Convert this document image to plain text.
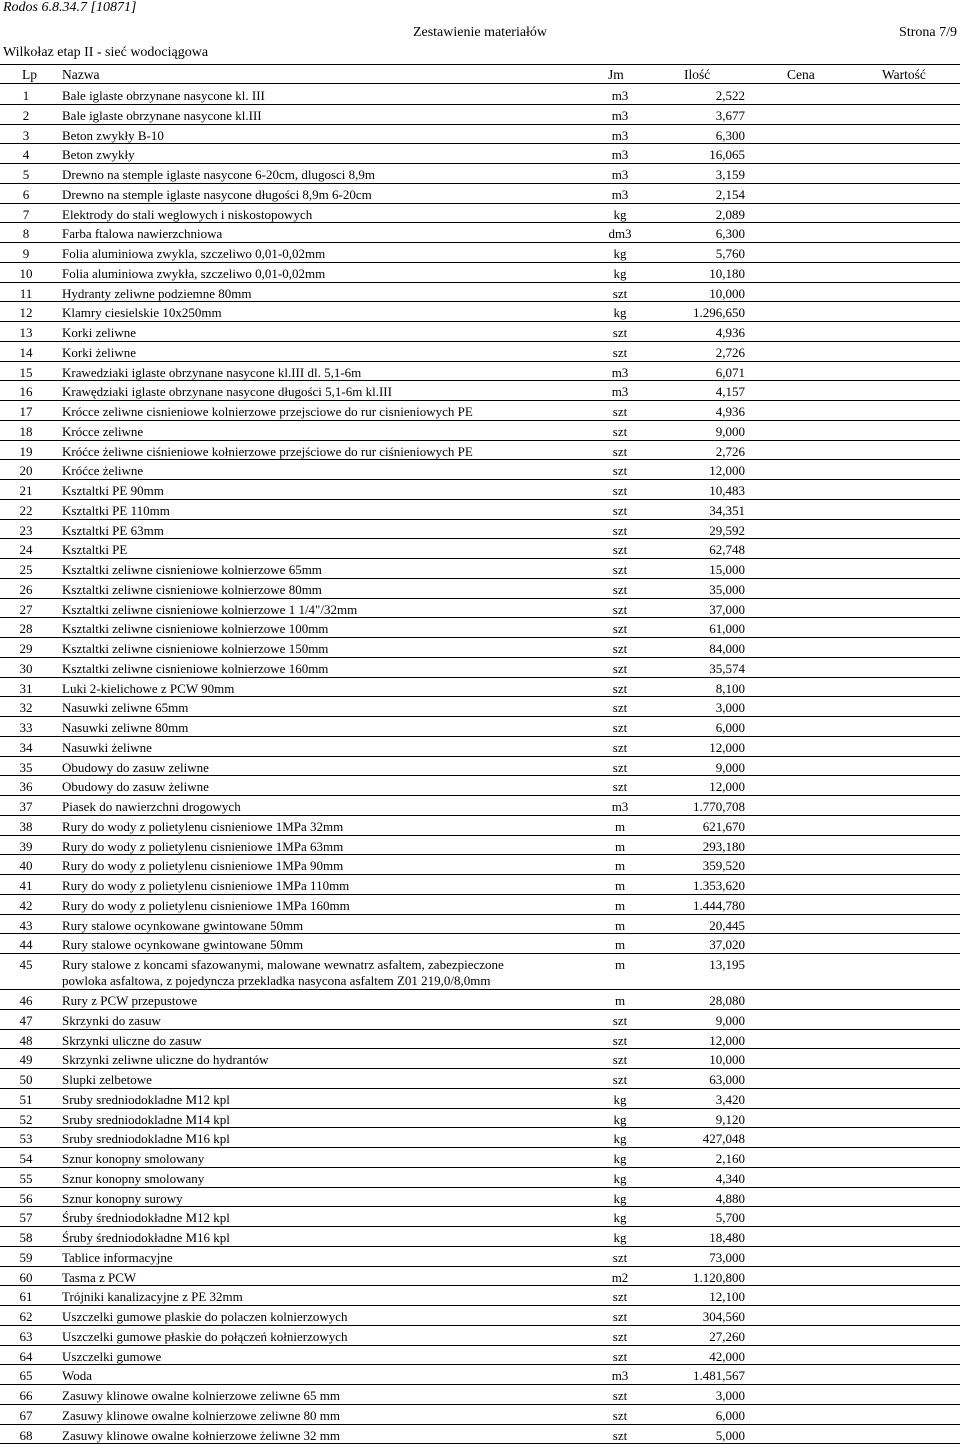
Rodos 6.8.34.7 [10871]
Zestawienie materiałów	Strona 7/9
Wilkołaz etap II - sieć wodociągowa
Lp Nazwa	Jm	Ilość	Cena	Wartość
1	Bale iglaste obrzynane nasycone kl. III	m3	2,522
2	Bale iglaste obrzynane nasycone kl.III	m3	3,677
3	Beton zwykły B-10	m3	6,300
4	Beton zwykły	m3	16,065
5	Drewno na stemple iglaste nasycone 6-20cm, dlugosci 8,9m	m3	3,159
6	Drewno na stemple iglaste nasycone długości 8,9m 6-20cm	m3	2,154
7	Elektrody do stali weglowych i niskostopowych	kg	2,089
8	Farba ftalowa nawierzchniowa	dm3	6,300
9	Folia aluminiowa zwykla, szczeliwo 0,01-0,02mm	kg	5,760
10	Folia aluminiowa zwykła, szczeliwo 0,01-0,02mm	kg	10,180
11	Hydranty zeliwne podziemne 80mm	szt	10,000
12	Klamry ciesielskie 10x250mm	kg	1.296,650
13	Korki zeliwne	szt	4,936
14	Korki żeliwne	szt	2,726
15	Krawedziaki iglaste obrzynane nasycone kl.III dl. 5,1-6m	m3	6,071
16	Krawędziaki iglaste obrzynane nasycone długości 5,1-6m kl.III	m3	4,157
17	Krócce zeliwne cisnieniowe kolnierzowe przejsciowe do rur cisnieniowych PE	szt	4,936
18	Krócce zeliwne	szt	9,000
19	Króćce żeliwne ciśnieniowe kołnierzowe przejściowe do rur ciśnieniowych PE	szt	2,726
20	Króćce żeliwne	szt	12,000
21	Ksztaltki PE 90mm	szt	10,483
22	Ksztaltki PE 110mm	szt	34,351
23	Ksztaltki PE 63mm	szt	29,592
24	Ksztaltki PE	szt	62,748
25	Ksztaltki zeliwne cisnieniowe kolnierzowe 65mm	szt	15,000
26	Ksztaltki zeliwne cisnieniowe kolnierzowe 80mm	szt	35,000
27	Ksztaltki zeliwne cisnieniowe kolnierzowe 1 1/4"/32mm	szt	37,000
28	Ksztaltki zeliwne cisnieniowe kolnierzowe 100mm	szt	61,000
29	Ksztaltki zeliwne cisnieniowe kolnierzowe 150mm	szt	84,000
30	Ksztaltki zeliwne cisnieniowe kolnierzowe 160mm	szt	35,574
31	Luki 2-kielichowe z PCW 90mm	szt	8,100
32	Nasuwki zeliwne 65mm	szt	3,000
33	Nasuwki zeliwne 80mm	szt	6,000
34	Nasuwki żeliwne	szt	12,000
35	Obudowy do zasuw zeliwne	szt	9,000
36	Obudowy do zasuw żeliwne	szt	12,000
37	Piasek do nawierzchni drogowych	m3	1.770,708
38	Rury do wody z polietylenu cisnieniowe 1MPa 32mm	m	621,670
39	Rury do wody z polietylenu cisnieniowe 1MPa 63mm	m	293,180
40	Rury do wody z polietylenu cisnieniowe 1MPa 90mm	m	359,520
41	Rury do wody z polietylenu cisnieniowe 1MPa 110mm	m	1.353,620
42	Rury do wody z polietylenu cisnieniowe 1MPa 160mm	m	1.444,780
43	Rury stalowe ocynkowane gwintowane 50mm	m	20,445
44	Rury stalowe ocynkowane gwintowane 50mm	m	37,020
45	Rury stalowe z koncami sfazowanymi, malowane wewnatrz asfaltem, zabezpieczone	m	13,195
powloka asfaltowa, z pojedyncza przekladka nasycona asfaltem Z01 219,0/8,0mm
46	Rury z PCW przepustowe	m	28,080
47	Skrzynki do zasuw	szt	9,000
48	Skrzynki uliczne do zasuw	szt	12,000
49	Skrzynki zeliwne uliczne do hydrantów	szt	10,000
50	Slupki zelbetowe	szt	63,000
51	Sruby sredniodokladne M12 kpl	kg	3,420
52	Sruby sredniodokladne M14 kpl	kg	9,120
53	Sruby sredniodokladne M16 kpl	kg	427,048
54	Sznur konopny smolowany	kg	2,160
55	Sznur konopny smolowany	kg	4,340
56	Sznur konopny surowy	kg	4,880
57	Śruby średniodokładne M12 kpl	kg	5,700
58	Śruby średniodokładne M16 kpl	kg	18,480
59	Tablice informacyjne	szt	73,000
60	Tasma z PCW	m2	1.120,800
61	Trójniki kanalizacyjne z PE 32mm	szt	12,100
62	Uszczelki gumowe plaskie do polaczen kolnierzowych	szt	304,560
63	Uszczelki gumowe płaskie do połączeń kołnierzowych	szt	27,260
64	Uszczelki gumowe	szt	42,000
65	Woda	m3	1.481,567
66	Zasuwy klinowe owalne kolnierzowe zeliwne 65 mm	szt	3,000
67	Zasuwy klinowe owalne kolnierzowe zeliwne 80 mm	szt	6,000
68	Zasuwy klinowe owalne kołnierzowe żeliwne 32 mm	szt	5,000
